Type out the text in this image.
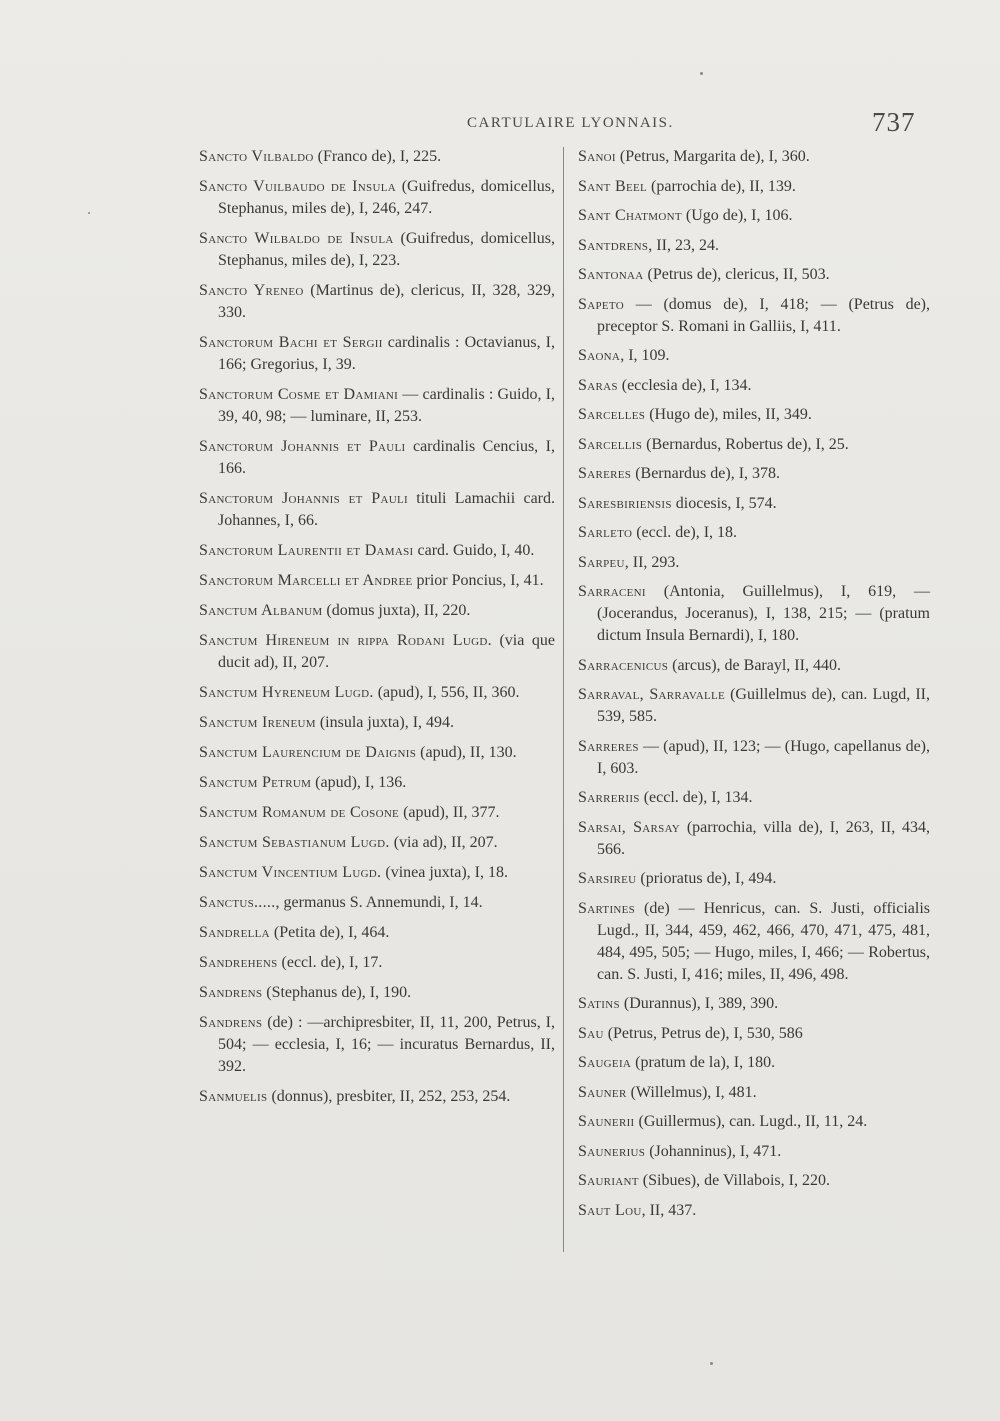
CARTULAIRE LYONNAIS.	737

Sancto Vilbaldo (Franco de), I, 225.

Sancto Vuilbaudo de Insula (Guifredus, domicellus, Stephanus, miles de), I, 246, 247.

Sancto Wilbaldo de Insula (Guifredus, domicellus, Stephanus, miles de), I, 223.

Sancto Yreneo (Martinus de), clericus, II, 328, 329, 330.

Sanctorum Bachi et Sergii cardinalis : Octavianus, I, 166; Gregorius, I, 39.

Sanctorum Cosme et Damiani — cardinalis : Guido, I, 39, 40, 98; — luminare, II, 253.

Sanctorum Johannis et Pauli cardinalis Cencius, I, 166.

Sanctorum Johannis et Pauli tituli Lamachii card. Johannes, I, 66.

Sanctorum Laurentii et Damasi card. Guido, I, 40.

Sanctorum Marcelli et Andree prior Poncius, I, 41.

Sanctum Albanum (domus juxta), II, 220.

Sanctum Hireneum in rippa Rodani Lugd. (via que ducit ad), II, 207.

Sanctum Hyreneum Lugd. (apud), I, 556, II, 360.

Sanctum Ireneum (insula juxta), I, 494.

Sanctum Laurencium de Daignis (apud), II, 130.

Sanctum Petrum (apud), I, 136.

Sanctum Romanum de Cosone (apud), II, 377.

Sanctum Sebastianum Lugd. (via ad), II, 207.

Sanctum Vincentium Lugd. (vinea juxta), I, 18.

Sanctus....., germanus S. Annemundi, I, 14.

Sandrella (Petita de), I, 464.

Sandrehens (eccl. de), I, 17.

Sandrens (Stephanus de), I, 190.

Sandrens (de) : —archipresbiter, II, 11, 200, Petrus, I, 504; — ecclesia, I, 16; — incuratus Bernardus, II, 392.

Sanmuelis (donnus), presbiter, II, 252, 253, 254.

Sanoi (Petrus, Margarita de), I, 360.

Sant Beel (parrochia de), II, 139.

Sant Chatmont (Ugo de), I, 106.

Santdrens, II, 23, 24.

Santonaa (Petrus de), clericus, II, 503.

Sapeto — (domus de), I, 418; — (Petrus de), preceptor S. Romani in Galliis, I, 411.

Saona, I, 109.

Saras (ecclesia de), I, 134.

Sarcelles (Hugo de), miles, II, 349.

Sarcellis (Bernardus, Robertus de), I, 25.

Sareres (Bernardus de), I, 378.

Saresbiriensis diocesis, I, 574.

Sarleto (eccl. de), I, 18.

Sarpeu, II, 293.

Sarraceni (Antonia, Guillelmus), I, 619, — (Jocerandus, Joceranus), I, 138, 215; — (pratum dictum Insula Bernardi), I, 180.

Sarracenicus (arcus), de Barayl, II, 440.

Sarraval, Sarravalle (Guillelmus de), can. Lugd, II, 539, 585.

Sarreres — (apud), II, 123; — (Hugo, capellanus de), I, 603.

Sarreriis (eccl. de), I, 134.

Sarsai, Sarsay (parrochia, villa de), I, 263, II, 434, 566.

Sarsireu (prioratus de), I, 494.

Sartines (de) — Henricus, can. S. Justi, officialis Lugd., II, 344, 459, 462, 466, 470, 471, 475, 481, 484, 495, 505; — Hugo, miles, I, 466; — Robertus, can. S. Justi, I, 416; miles, II, 496, 498.

Satins (Durannus), I, 389, 390.

Sau (Petrus, Petrus de), I, 530, 586

Saugeia (pratum de la), I, 180.

Sauner (Willelmus), I, 481.

Saunerii (Guillermus), can. Lugd., II, 11, 24.

Saunerius (Johanninus), I, 471.

Sauriant (Sibues), de Villabois, I, 220.

Saut Lou, II, 437.
